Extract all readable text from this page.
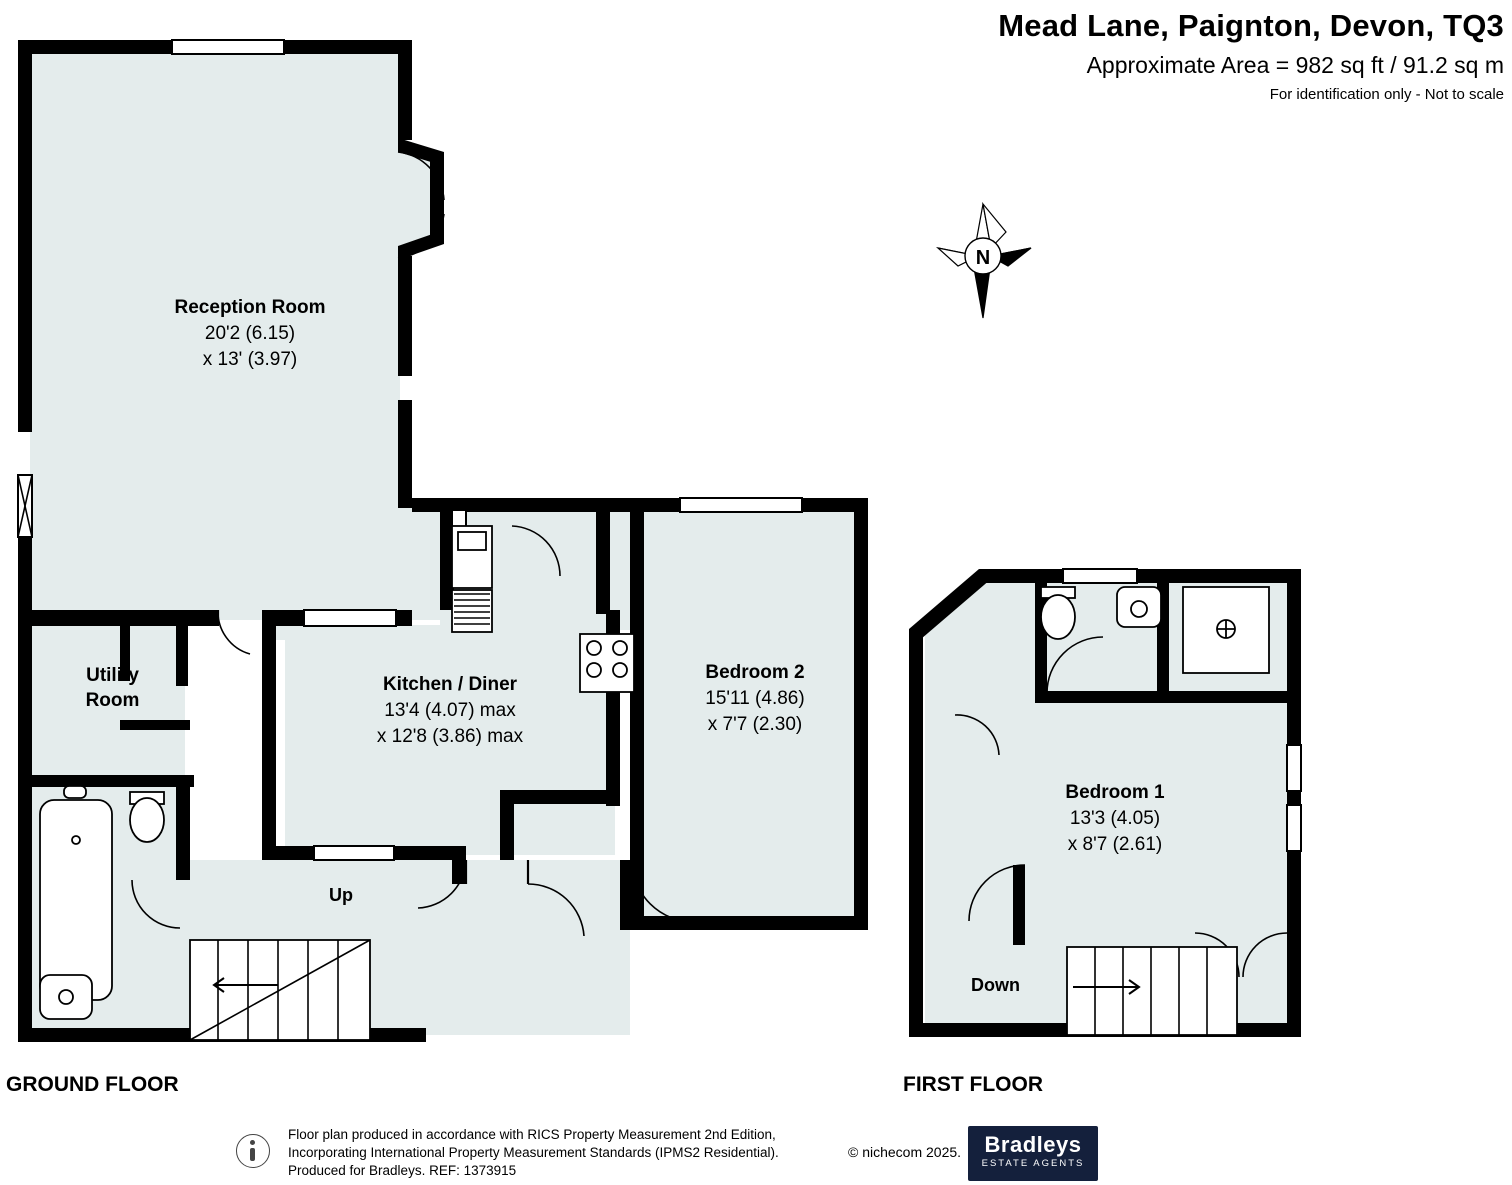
Mead Lane, Paignton, Devon, TQ3
Approximate Area = 982 sq ft / 91.2 sq m
For identification only - Not to scale
N
Reception Room
20'2 (6.15)
x 13' (3.97)
Kitchen / Diner
13'4 (4.07) max
x 12'8 (3.86) max
Bedroom 2
15'11 (4.86)
x 7'7 (2.30)
Utility
Room
Up
Bedroom 1
13'3 (4.05)
x 8'7 (2.61)
Down
GROUND FLOOR	FIRST FLOOR
Floor plan produced in accordance with RICS Property Measurement 2nd Edition,
Incorporating International Property Measurement Standards (IPMS2 Residential).
Produced for Bradleys. REF: 1373915
© nichecom 2025.	Bradleys
ESTATE AGENTS
